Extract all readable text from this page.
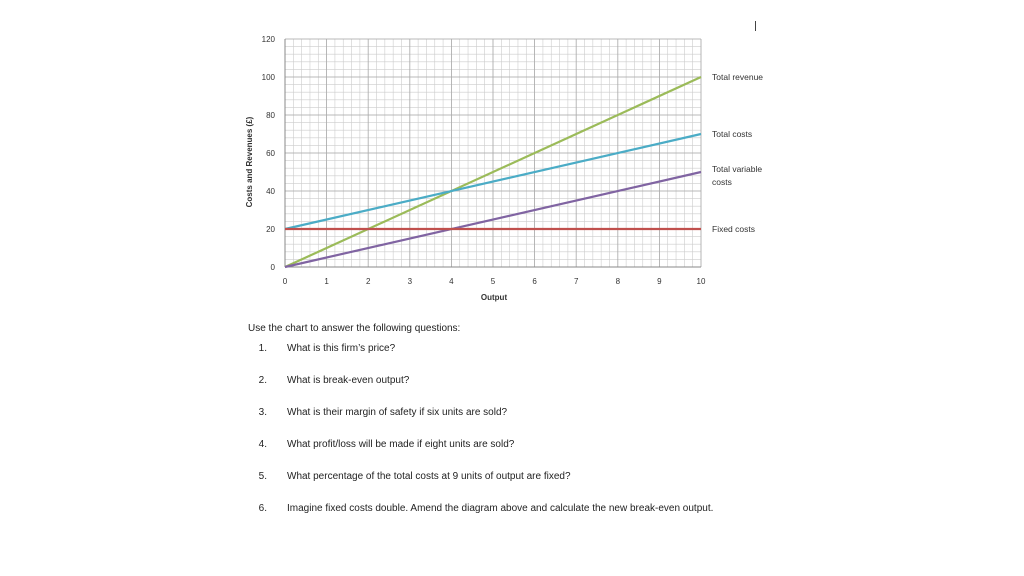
0
20
40
60
80
100
120
0	1	2	3	4	5	6	7	8	9	10
Output
Costs and Revenues (£)
Total revenue
Total costs
Total variable costs
Fixed costs

Use the chart to answer the following questions:

1. What is this firm’s price?
2. What is break-even output?
3. What is their margin of safety if six units are sold?
4. What profit/loss will be made if eight units are sold?
5. What percentage of the total costs at 9 units of output are fixed?
6. Imagine fixed costs double. Amend the diagram above and calculate the new break-even output.
